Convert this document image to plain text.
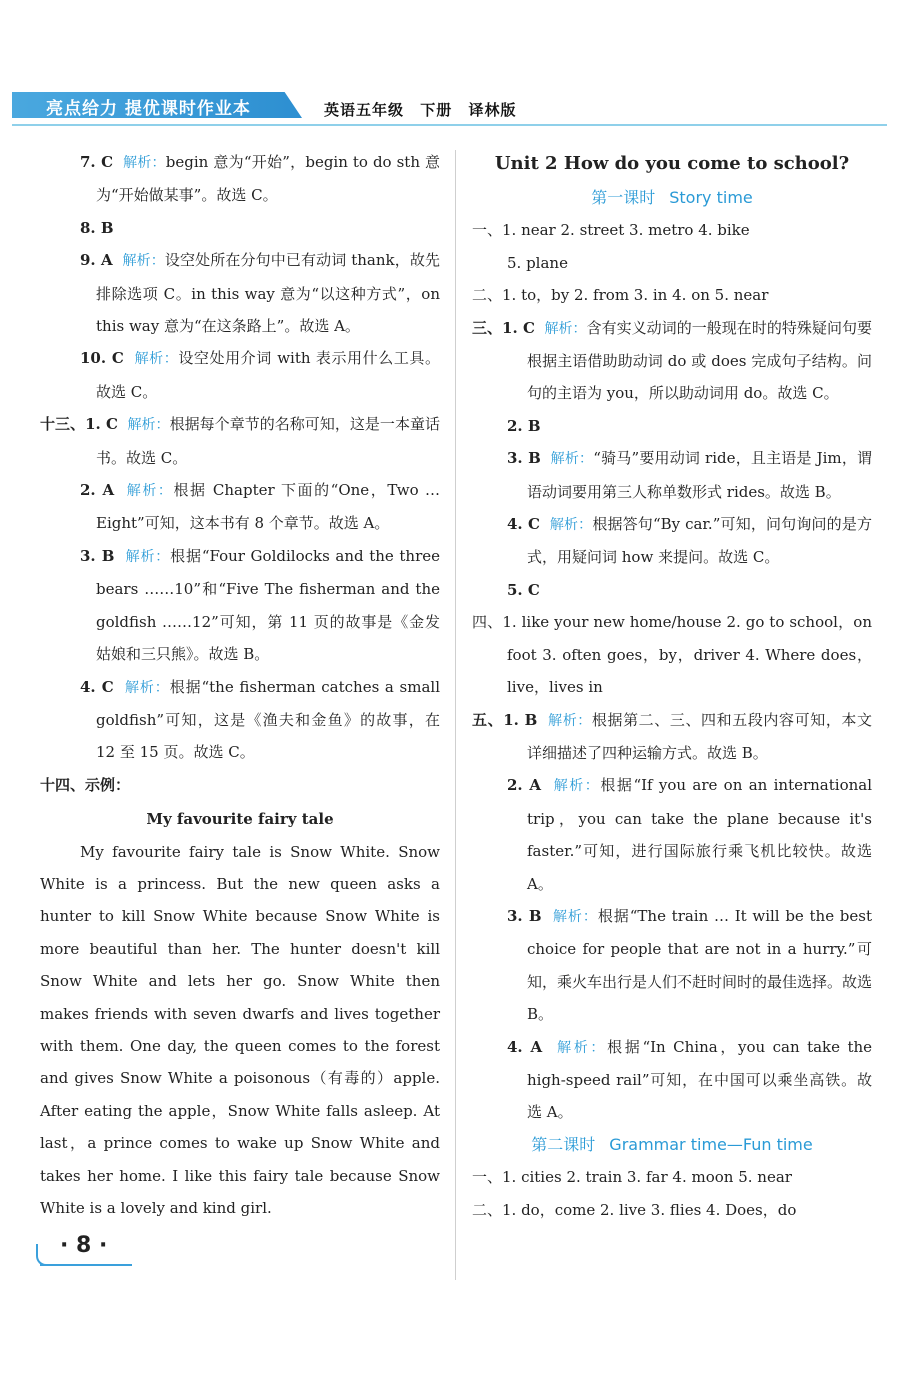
亮点给力 提优课时作业本	英语五年级 下册 译林版

7. C 解析：begin 意为“开始”，begin to do sth 意为“开始做某事”。故选 C。

8. B

9. A 解析：设空处所在分句中已有动词 thank，故先排除选项 C。in this way 意为“以这种方式”，on this way 意为“在这条路上”。故选 A。

10. C 解析：设空处用介词 with 表示用什么工具。故选 C。

十三、1. C 解析：根据每个章节的名称可知，这是一本童话书。故选 C。

2. A 解析：根据 Chapter 下面的“One，Two … Eight”可知，这本书有 8 个章节。故选 A。

3. B 解析：根据“Four Goldilocks and the three bears ……10”和“Five The fisherman and the goldfish ……12”可知，第 11 页的故事是《金发姑娘和三只熊》。故选 B。

4. C 解析：根据“the fisherman catches a small goldfish”可知，这是《渔夫和金鱼》的故事，在 12 至 15 页。故选 C。

十四、示例：

My favourite fairy tale

My favourite fairy tale is Snow White. Snow White is a princess. But the new queen asks a hunter to kill Snow White because Snow White is more beautiful than her. The hunter doesn't kill Snow White and lets her go. Snow White then makes friends with seven dwarfs and lives together with them. One day, the queen comes to the forest and gives Snow White a poisonous（有毒的）apple. After eating the apple，Snow White falls asleep. At last，a prince comes to wake up Snow White and takes her home. I like this fairy tale because Snow White is a lovely and kind girl.

Unit 2 How do you come to school?

第一课时 Story time

一、1. near 2. street 3. metro 4. bike

5. plane

二、1. to，by 2. from 3. in 4. on 5. near

三、1. C 解析：含有实义动词的一般现在时的特殊疑问句要根据主语借助助动词 do 或 does 完成句子结构。问句的主语为 you，所以助动词用 do。故选 C。

2. B

3. B 解析：“骑马”要用动词 ride，且主语是 Jim，谓语动词要用第三人称单数形式 rides。故选 B。

4. C 解析：根据答句“By car.”可知，问句询问的是方式，用疑问词 how 来提问。故选 C。

5. C

四、1. like your new home/house 2. go to school，on foot 3. often goes，by，driver 4. Where does，live，lives in

五、1. B 解析：根据第二、三、四和五段内容可知，本文详细描述了四种运输方式。故选 B。

2. A 解析：根据“If you are on an international trip，you can take the plane because it's faster.”可知，进行国际旅行乘飞机比较快。故选 A。

3. B 解析：根据“The train … It will be the best choice for people that are not in a hurry.”可知，乘火车出行是人们不赶时间时的最佳选择。故选 B。

4. A 解析：根据“In China，you can take the high-speed rail”可知，在中国可以乘坐高铁。故选 A。

第二课时 Grammar time—Fun time

一、1. cities 2. train 3. far 4. moon 5. near

二、1. do，come 2. live 3. flies 4. Does，do

· 8 ·
